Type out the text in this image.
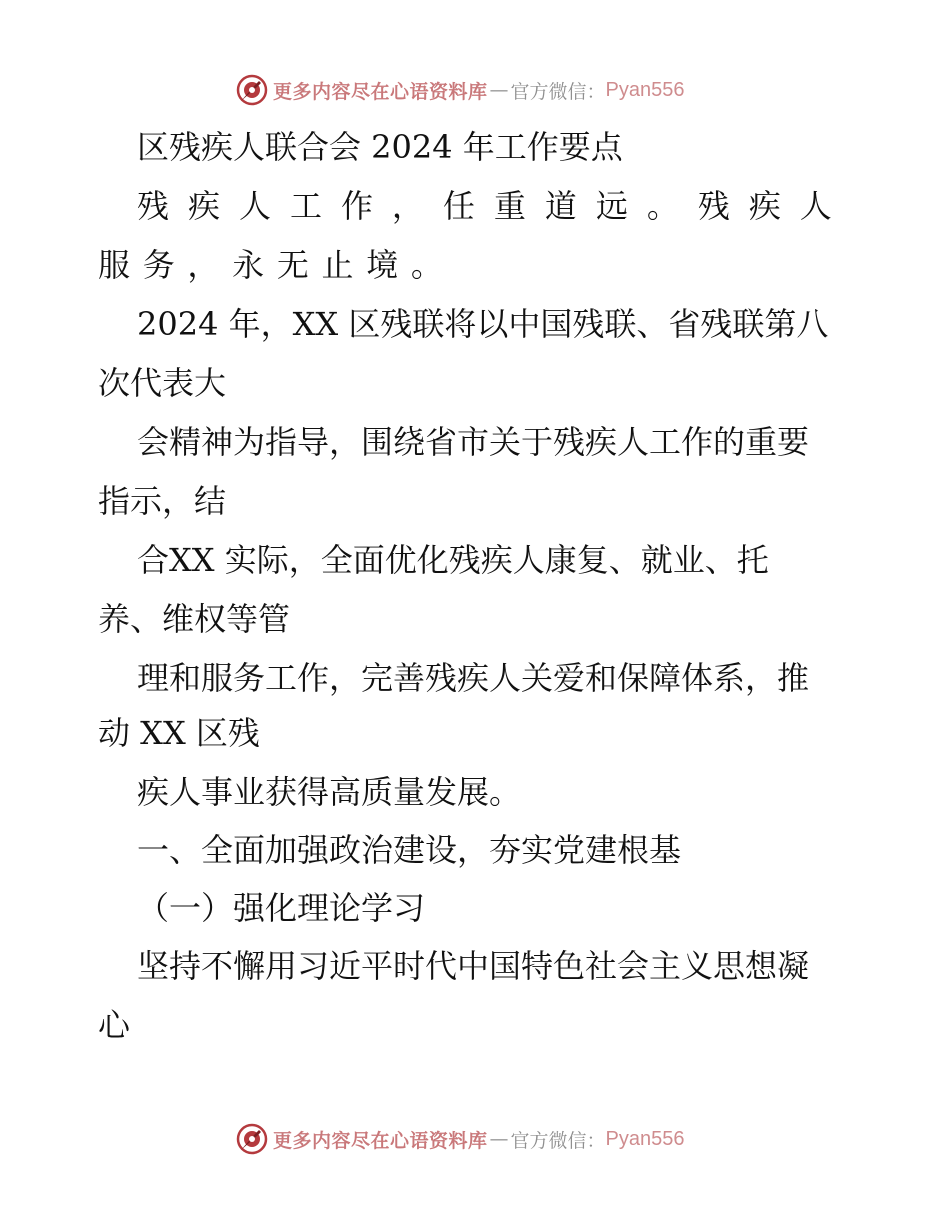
更多内容尽在心语资料库 — 官方微信： Pyan556
区残疾人联合会 2024 年工作要点
残 疾 人 工 作 ， 任 重 道 远 。 残 疾 人
服 务 ， 永 无 止 境 。
2024 年，XX 区残联将以中国残联、省残联第八
次代表大
会精神为指导，围绕省市关于残疾人工作的重要
指示，结
合XX 实际，全面优化残疾人康复、就业、托
养、维权等管
理和服务工作，完善残疾人关爱和保障体系，推
动 XX 区残
疾人事业获得高质量发展。
一、全面加强政治建设，夯实党建根基
（一）强化理论学习
坚持不懈用习近平时代中国特色社会主义思想凝
心
更多内容尽在心语资料库 — 官方微信： Pyan556
